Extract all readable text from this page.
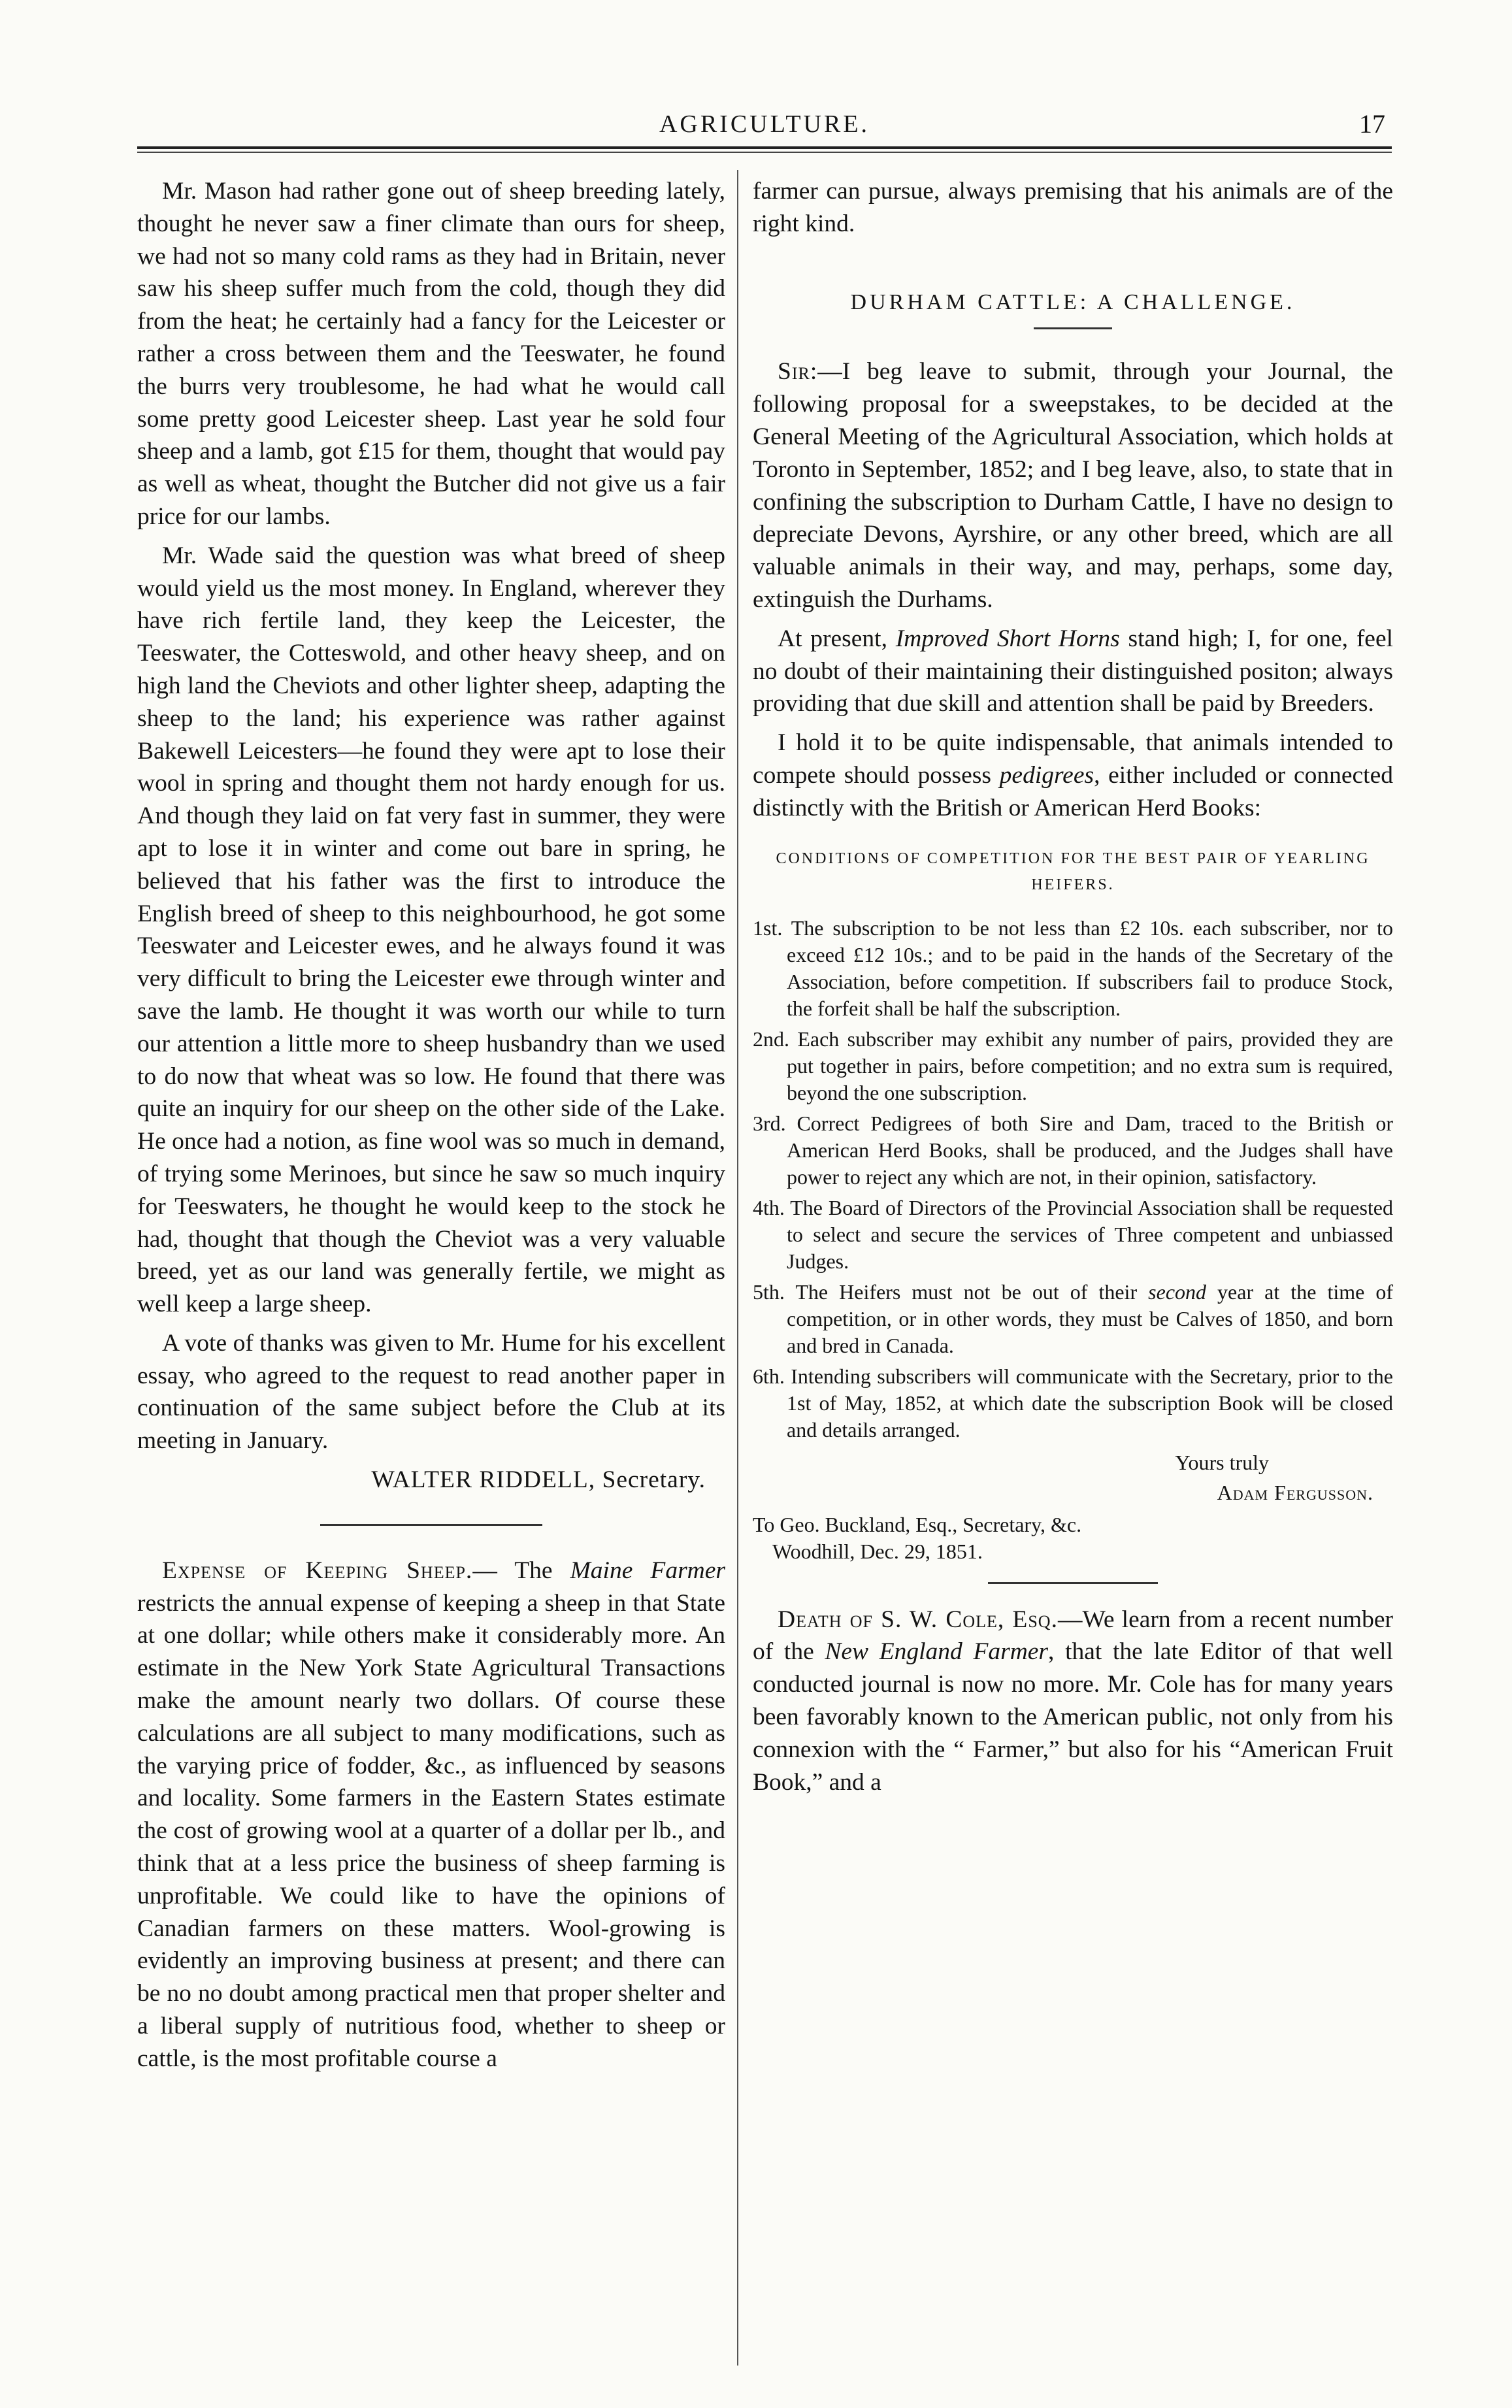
AGRICULTURE.	17

Mr. Mason had rather gone out of sheep breeding lately, thought he never saw a finer climate than ours for sheep, we had not so many cold rams as they had in Britain, never saw his sheep suffer much from the cold, though they did from the heat; he certainly had a fancy for the Leicester or rather a cross between them and the Teeswater, he found the burrs very troublesome, he had what he would call some pretty good Leicester sheep. Last year he sold four sheep and a lamb, got £15 for them, thought that would pay as well as wheat, thought the Butcher did not give us a fair price for our lambs.

Mr. Wade said the question was what breed of sheep would yield us the most money. In England, wherever they have rich fertile land, they keep the Leicester, the Teeswater, the Cotteswold, and other heavy sheep, and on high land the Cheviots and other lighter sheep, adapting the sheep to the land; his experience was rather against Bakewell Leicesters—he found they were apt to lose their wool in spring and thought them not hardy enough for us. And though they laid on fat very fast in summer, they were apt to lose it in winter and come out bare in spring, he believed that his father was the first to introduce the English breed of sheep to this neighbourhood, he got some Teeswater and Leicester ewes, and he always found it was very difficult to bring the Leicester ewe through winter and save the lamb. He thought it was worth our while to turn our attention a little more to sheep husbandry than we used to do now that wheat was so low. He found that there was quite an inquiry for our sheep on the other side of the Lake. He once had a notion, as fine wool was so much in demand, of trying some Merinoes, but since he saw so much inquiry for Teeswaters, he thought he would keep to the stock he had, thought that though the Cheviot was a very valuable breed, yet as our land was generally fertile, we might as well keep a large sheep.

A vote of thanks was given to Mr. Hume for his excellent essay, who agreed to the request to read another paper in continuation of the same subject before the Club at its meeting in January.

WALTER RIDDELL, Secretary.

Expense of Keeping Sheep.— The Maine Farmer restricts the annual expense of keeping a sheep in that State at one dollar; while others make it considerably more. An estimate in the New York State Agricultural Transactions make the amount nearly two dollars. Of course these calculations are all subject to many modifications, such as the varying price of fodder, &c., as influenced by seasons and locality. Some farmers in the Eastern States estimate the cost of growing wool at a quarter of a dollar per lb., and think that at a less price the business of sheep farming is unprofitable. We could like to have the opinions of Canadian farmers on these matters. Wool-growing is evidently an improving business at present; and there can be no no doubt among practical men that proper shelter and a liberal supply of nutritious food, whether to sheep or cattle, is the most profitable course a

farmer can pursue, always premising that his animals are of the right kind.

DURHAM CATTLE: A CHALLENGE.

Sir:—I beg leave to submit, through your Journal, the following proposal for a sweepstakes, to be decided at the General Meeting of the Agricultural Association, which holds at Toronto in September, 1852; and I beg leave, also, to state that in confining the subscription to Durham Cattle, I have no design to depreciate Devons, Ayrshire, or any other breed, which are all valuable animals in their way, and may, perhaps, some day, extinguish the Durhams.

At present, Improved Short Horns stand high; I, for one, feel no doubt of their maintaining their distinguished positon; always providing that due skill and attention shall be paid by Breeders.

I hold it to be quite indispensable, that animals intended to compete should possess pedigrees, either included or connected distinctly with the British or American Herd Books:

CONDITIONS OF COMPETITION FOR THE BEST PAIR OF YEARLING HEIFERS.

1st. The subscription to be not less than £2 10s. each subscriber, nor to exceed £12 10s.; and to be paid in the hands of the Secretary of the Association, before competition. If subscribers fail to produce Stock, the forfeit shall be half the subscription.

2nd. Each subscriber may exhibit any number of pairs, provided they are put together in pairs, before competition; and no extra sum is required, beyond the one subscription.

3rd. Correct Pedigrees of both Sire and Dam, traced to the British or American Herd Books, shall be produced, and the Judges shall have power to reject any which are not, in their opinion, satisfactory.

4th. The Board of Directors of the Provincial Association shall be requested to select and secure the services of Three competent and unbiassed Judges.

5th. The Heifers must not be out of their second year at the time of competition, or in other words, they must be Calves of 1850, and born and bred in Canada.

6th. Intending subscribers will communicate with the Secretary, prior to the 1st of May, 1852, at which date the subscription Book will be closed and details arranged.

Yours truly

Adam Fergusson.

To Geo. Buckland, Esq., Secretary, &c.

Woodhill, Dec. 29, 1851.

Death of S. W. Cole, Esq.—We learn from a recent number of the New England Farmer, that the late Editor of that well conducted journal is now no more. Mr. Cole has for many years been favorably known to the American public, not only from his connexion with the “ Farmer,” but also for his “American Fruit Book,” and a
